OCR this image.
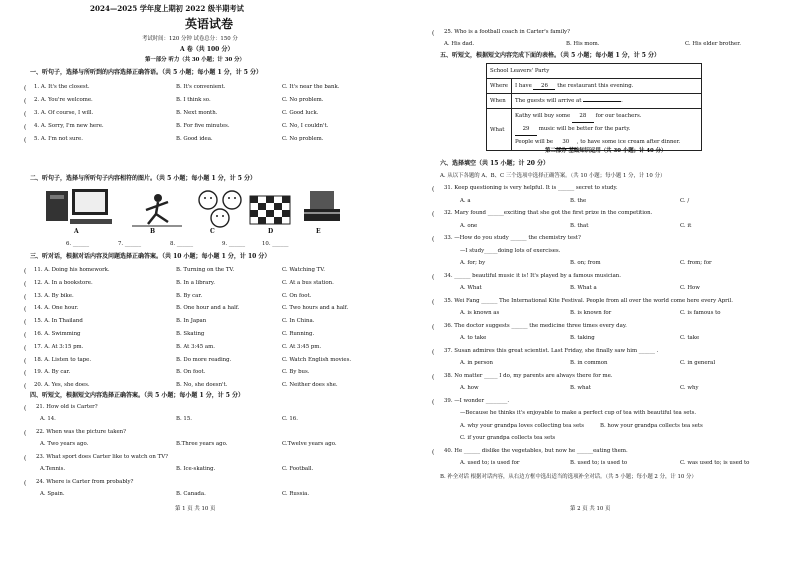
2024—2025 学年度上期初 2022 级半期考试
英语试卷
考试时间：120 分钟 试卷总分：150 分
A 卷（共 100 分）
第一部分 听力（共 30 小题；计 30 分）
一、听句子，选择与所听到的内容选择正确答语。（共 5 小题；每小题 1 分，计 5 分）
( 1. A. It's the closest.	B. It's convenient.	C. It's near the bank.
( 2. A. You're welcome.	B. I think so.	C. No problem.
( 3. A. Of course, I will.	B. Next month.	C. Good luck.
( 4. A. Sorry, I'm new here.	B. For five minutes.	C. No, I couldn't.
( 5. A. I'm not sure.	B. Good idea.	C. No problem.
二、听句子，选择与所听句子内容相符的图片。（共 5 小题；每小题 1 分，计 5 分）
A	B	C	D	E
6. ______	7. ______	8. ______	9. ______	10. ______
三、听对话，根据对话内容及问题选择正确答案。（共 10 小题；每小题 1 分，计 10 分）
( 11. A. Doing his homework.	B. Turning on the TV.	C. Watching TV.
( 12. A. In a bookstore.	B. In a library.	C. At a bus station.
( 13. A. By bike.	B. By car.	C. On foot.
( 14. A. One hour.	B. One hour and a half.	C. Two hours and a half.
( 15. A. In Thailand	B. In Japan	C. In China.
( 16. A. Swimming	B. Skating	C. Running.
( 17. A. At 3:15 pm.	B. At 3:45 am.	C. At 3:45 pm.
( 18. A. Listen to tape.	B. Do more reading.	C. Watch English movies.
( 19. A. By car.	B. On foot.	C. By bus.
( 20. A. Yes, she does.	B. No, she doesn't.	C. Neither does she.
四、听短文，根据短文内容选择正确答案。（共 5 小题；每小题 1 分，计 5 分）
( 21. How old is Carter?
A. 14.	B. 15.	C. 16.
( 22. When was the picture taken?
A. Two years ago.	B.Three years ago.	C.Twelve years ago.
( 23. What sport does Carter like to watch on TV?
A.Tennis.	B. Ice-skating.	C. Football.
( 24. Where is Carter from probably?
A. Spain.	B. Canada.	C. Russia.
第 1 页 共 10 页
( 25. Who is a football coach in Carter's family?
A. His dad.	B. His mom.	C. His elder brother.
五、听短文，根据短文内容完成下面的表格。（共 5 小题；每小题 1 分，计 5 分）
School Leavers' Party	
Where	I have 26 the restaurant this evening.
When	The guests will arrive at .
What	Kathy will buy some 28 for our teachers.
29 music will be better for the party.
People will be 30 , to have some ice cream after dinner.
第二部分 基础知识运用（共 30 小题；计 40 分）
六、选择填空（共 15 小题；计 20 分）
A. 从以下各题的 A、B、C 三个选项中选择正确答案。（共 10 小题；每小题 1 分，计 10 分）
( 31. Keep questioning is very helpful. It is ______ secret to study.
A. a	B. the	C. /
( 32. Mary found ______exciting that she got the first prize in the competition.
A. one	B. that	C. it
( 33. —How do you study ______ the chemistry test?
—I study_____doing lots of exercises.
A. for; by	B. on; from	C. from; for
( 34. ______ beautiful music it is! It's played by a famous musician.
A. What	B. What a	C. How
( 35. Wei Fang ______ The International Kite Festival. People from all over the world come here every April.
A. is known as	B. is known for	C. is famous to
( 36. The doctor suggests ______ the medicine three times every day.
A. to take	B. taking	C. take
( 37. Susan admires this great scientist. Last Friday, she finally saw him ______ .
A. in person	B. in common	C. in general
( 38. No matter _____ I do, my parents are always there for me.
A. how	B. what	C. why
( 39. —I wonder ________.
—Because he thinks it's enjoyable to make a perfect cup of tea with beautiful tea sets.
A. why your grandpa loves collecting tea sets	B. how your grandpa collects tea sets
C. if your grandpa collects tea sets
( 40. He ______ dislike the vegetables, but now he ______eating them.
A. used to; is used for	B. used to; is used to	C. was used to; is used to
B. 补全对话 根据对话内容，从右边方框中选出适当的选项补全对话。（共 5 小题；每小题 2 分，计 10 分）
第 2 页 共 10 页
